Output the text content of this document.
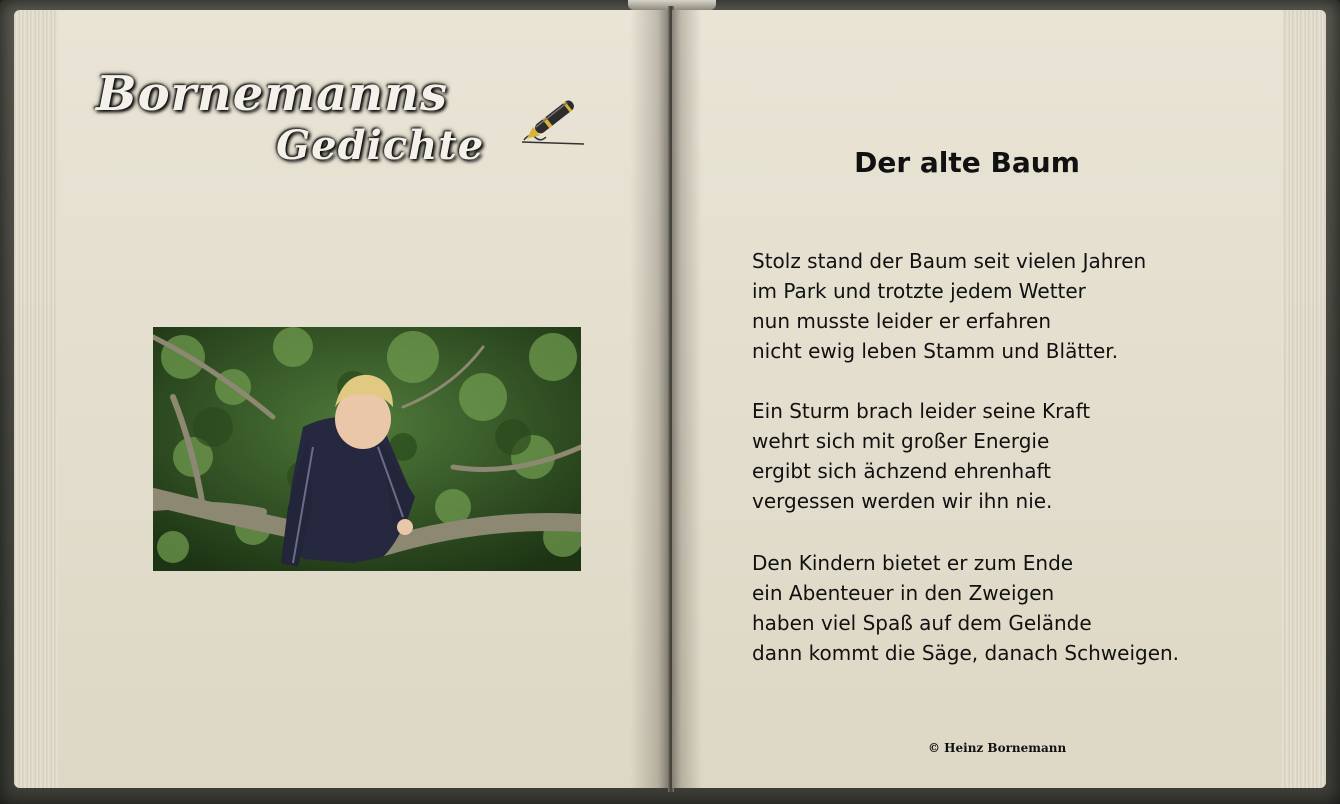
Bornemanns
Gedichte	Der alte Baum
Stolz stand der Baum seit vielen Jahren
im Park und trotzte jedem Wetter
nun musste leider er erfahren
nicht ewig leben Stamm und Blätter.
Ein Sturm brach leider seine Kraft
wehrt sich mit großer Energie
ergibt sich ächzend ehrenhaft
vergessen werden wir ihn nie.
Den Kindern bietet er zum Ende
ein Abenteuer in den Zweigen
haben viel Spaß auf dem Gelände
dann kommt die Säge, danach Schweigen.
© Heinz Bornemann
